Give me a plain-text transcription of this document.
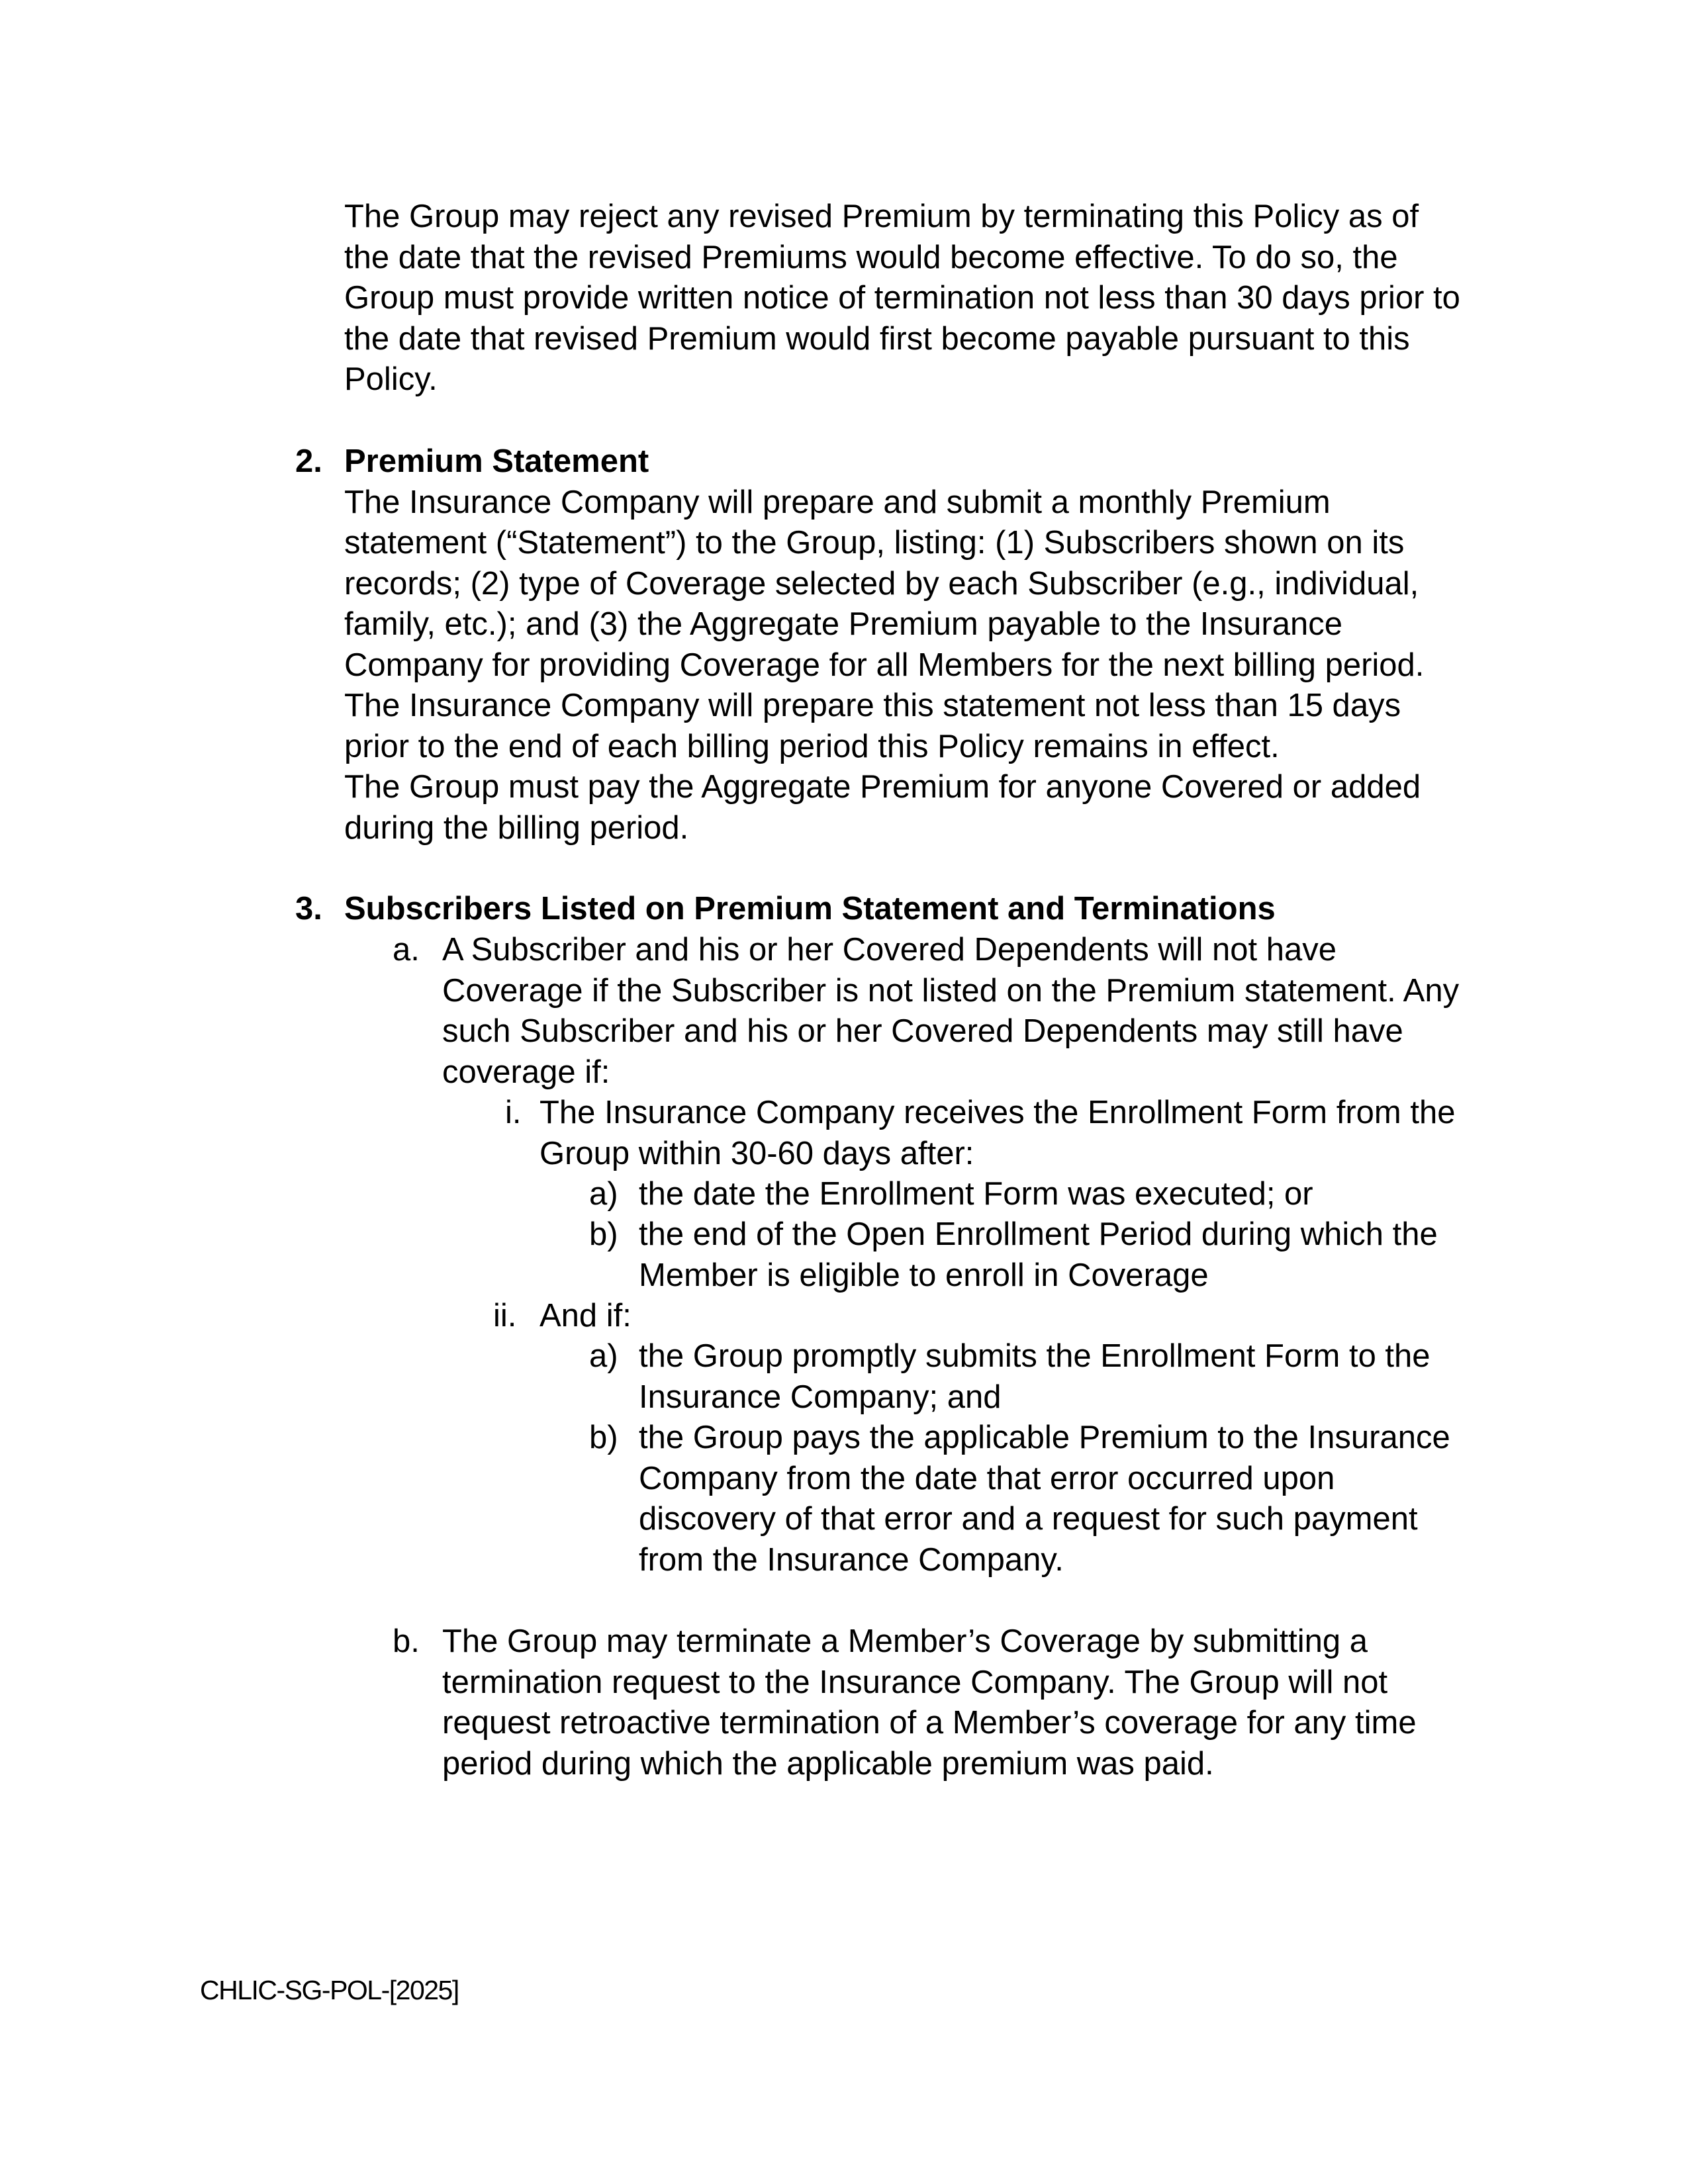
The Group may reject any revised Premium by terminating this Policy as of
the date that the revised Premiums would become effective. To do so, the
Group must provide written notice of termination not less than 30 days prior to
the date that revised Premium would first become payable pursuant to this
Policy.
2. Premium Statement
The Insurance Company will prepare and submit a monthly Premium
statement (“Statement”) to the Group, listing: (1) Subscribers shown on its
records; (2) type of Coverage selected by each Subscriber (e.g., individual,
family, etc.); and (3) the Aggregate Premium payable to the Insurance
Company for providing Coverage for all Members for the next billing period.
The Insurance Company will prepare this statement not less than 15 days
prior to the end of each billing period this Policy remains in effect.
The Group must pay the Aggregate Premium for anyone Covered or added
during the billing period.
3. Subscribers Listed on Premium Statement and Terminations
a. A Subscriber and his or her Covered Dependents will not have
Coverage if the Subscriber is not listed on the Premium statement. Any
such Subscriber and his or her Covered Dependents may still have
coverage if:
i. The Insurance Company receives the Enrollment Form from the
Group within 30-60 days after:
a) the date the Enrollment Form was executed; or
b) the end of the Open Enrollment Period during which the
Member is eligible to enroll in Coverage
ii. And if:
a) the Group promptly submits the Enrollment Form to the
Insurance Company; and
b) the Group pays the applicable Premium to the Insurance
Company from the date that error occurred upon
discovery of that error and a request for such payment
from the Insurance Company.
b. The Group may terminate a Member’s Coverage by submitting a
termination request to the Insurance Company. The Group will not
request retroactive termination of a Member’s coverage for any time
period during which the applicable premium was paid.
CHLIC-SG-POL-[2025]
